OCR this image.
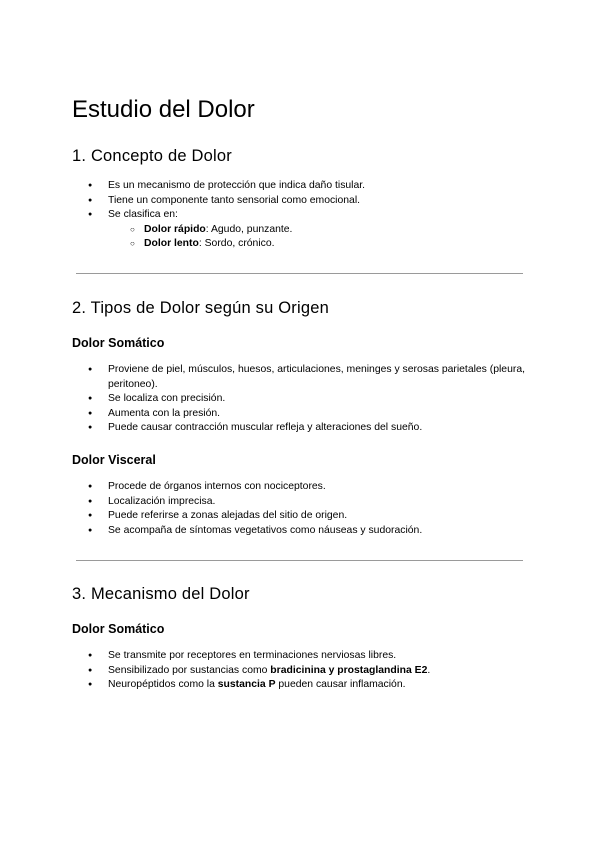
Estudio del Dolor
1. Concepto de Dolor
● Es un mecanismo de protección que indica daño tisular.
● Tiene un componente tanto sensorial como emocional.
● Se clasifica en:
○ Dolor rápido: Agudo, punzante.
○ Dolor lento: Sordo, crónico.
2. Tipos de Dolor según su Origen
Dolor Somático
● Proviene de piel, músculos, huesos, articulaciones, meninges y serosas parietales (pleura, peritoneo).
● Se localiza con precisión.
● Aumenta con la presión.
● Puede causar contracción muscular refleja y alteraciones del sueño.
Dolor Visceral
● Procede de órganos internos con nociceptores.
● Localización imprecisa.
● Puede referirse a zonas alejadas del sitio de origen.
● Se acompaña de síntomas vegetativos como náuseas y sudoración.
3. Mecanismo del Dolor
Dolor Somático
● Se transmite por receptores en terminaciones nerviosas libres.
● Sensibilizado por sustancias como bradicinina y prostaglandina E2.
● Neuropéptidos como la sustancia P pueden causar inflamación.
